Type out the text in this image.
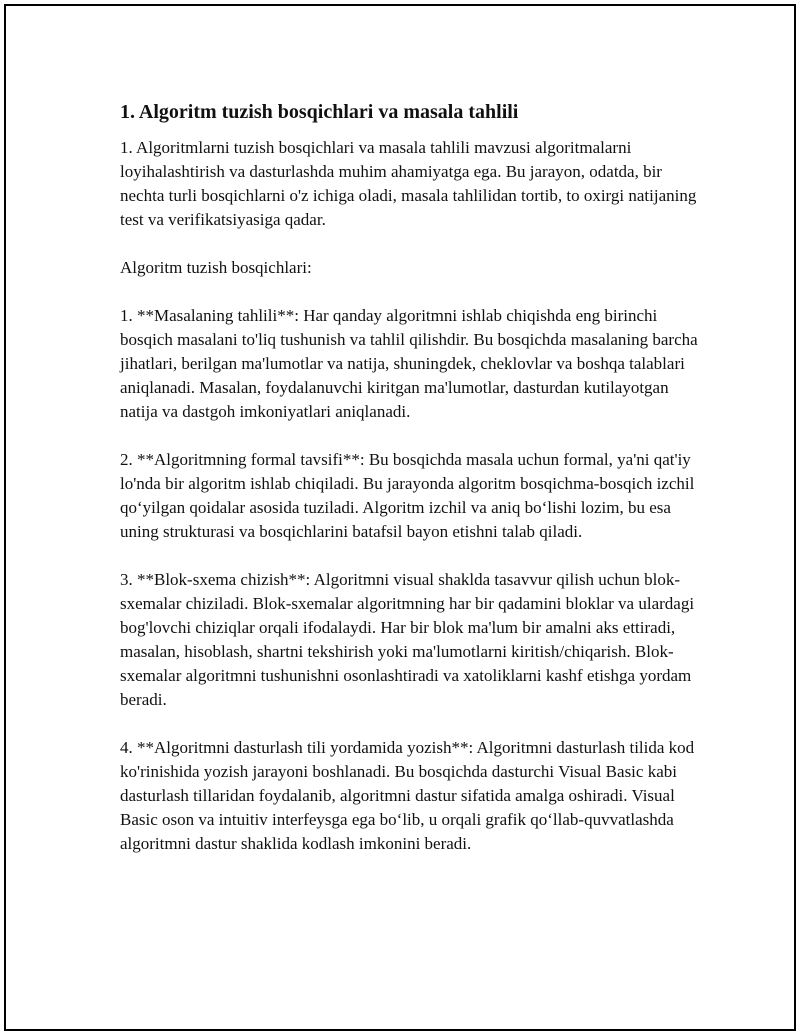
1. Algoritm tuzish bosqichlari va masala tahlili

1. Algoritmlarni tuzish bosqichlari va masala tahlili mavzusi algoritmalarni loyihalashtirish va dasturlashda muhim ahamiyatga ega. Bu jarayon, odatda, bir nechta turli bosqichlarni o'z ichiga oladi, masala tahlilidan tortib, to oxirgi natijaning test va verifikatsiyasiga qadar.

Algoritm tuzish bosqichlari:

1. **Masalaning tahlili**: Har qanday algoritmni ishlab chiqishda eng birinchi bosqich masalani to'liq tushunish va tahlil qilishdir. Bu bosqichda masalaning barcha jihatlari, berilgan ma'lumotlar va natija, shuningdek, cheklovlar va boshqa talablari aniqlanadi. Masalan, foydalanuvchi kiritgan ma'lumotlar, dasturdan kutilayotgan natija va dastgoh imkoniyatlari aniqlanadi.

2. **Algoritmning formal tavsifi**: Bu bosqichda masala uchun formal, ya'ni qat'iy lo'nda bir algoritm ishlab chiqiladi. Bu jarayonda algoritm bosqichma-bosqich izchil qo‘yilgan qoidalar asosida tuziladi. Algoritm izchil va aniq bo‘lishi lozim, bu esa uning strukturasi va bosqichlarini batafsil bayon etishni talab qiladi.

3. **Blok-sxema chizish**: Algoritmni visual shaklda tasavvur qilish uchun blok-sxemalar chiziladi. Blok-sxemalar algoritmning har bir qadamini bloklar va ulardagi bog'lovchi chiziqlar orqali ifodalaydi. Har bir blok ma'lum bir amalni aks ettiradi, masalan, hisoblash, shartni tekshirish yoki ma'lumotlarni kiritish/chiqarish. Blok-sxemalar algoritmni tushunishni osonlashtiradi va xatoliklarni kashf etishga yordam beradi.

4. **Algoritmni dasturlash tili yordamida yozish**: Algoritmni dasturlash tilida kod ko'rinishida yozish jarayoni boshlanadi. Bu bosqichda dasturchi Visual Basic kabi dasturlash tillaridan foydalanib, algoritmni dastur sifatida amalga oshiradi. Visual Basic oson va intuitiv interfeysga ega bo‘lib, u orqali grafik qo‘llab-quvvatlashda algoritmni dastur shaklida kodlash imkonini beradi.
